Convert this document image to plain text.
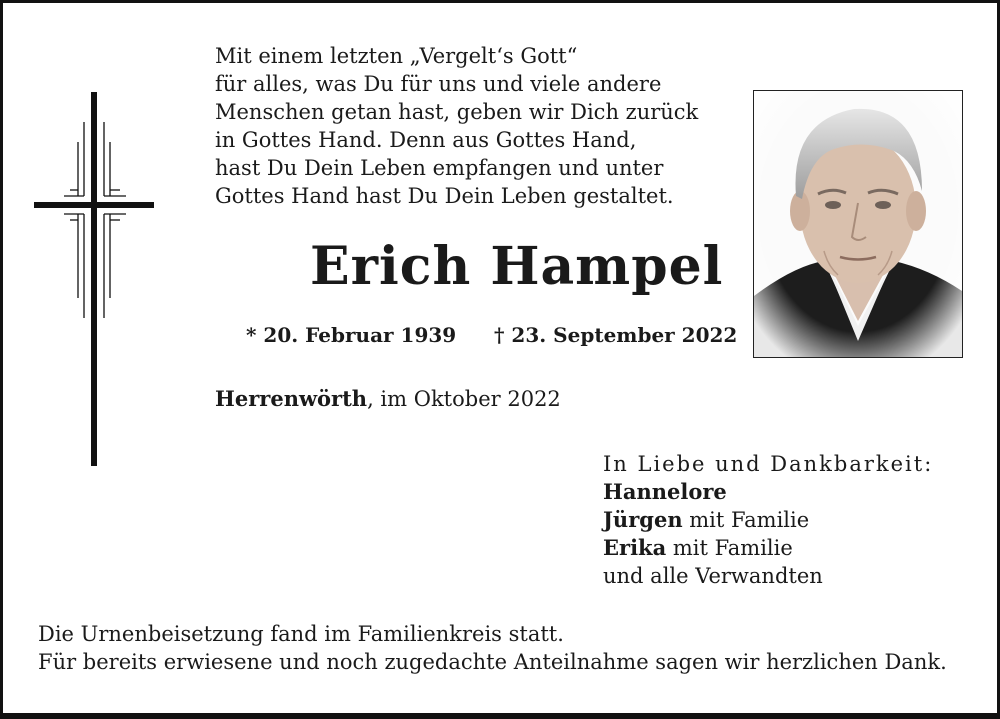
Mit einem letzten „Vergelt‘s Gott“
für alles, was Du für uns und viele andere
Menschen getan hast, geben wir Dich zurück
in Gottes Hand. Denn aus Gottes Hand,
hast Du Dein Leben empfangen und unter
Gottes Hand hast Du Dein Leben gestaltet.
Erich Hampel
* 20. Februar 1939 † 23. September 2022
Herrenwörth, im Oktober 2022
In Liebe und Dankbarkeit:
Hannelore
Jürgen mit Familie
Erika mit Familie
und alle Verwandten
Die Urnenbeisetzung fand im Familienkreis statt.
Für bereits erwiesene und noch zugedachte Anteilnahme sagen wir herzlichen Dank.
